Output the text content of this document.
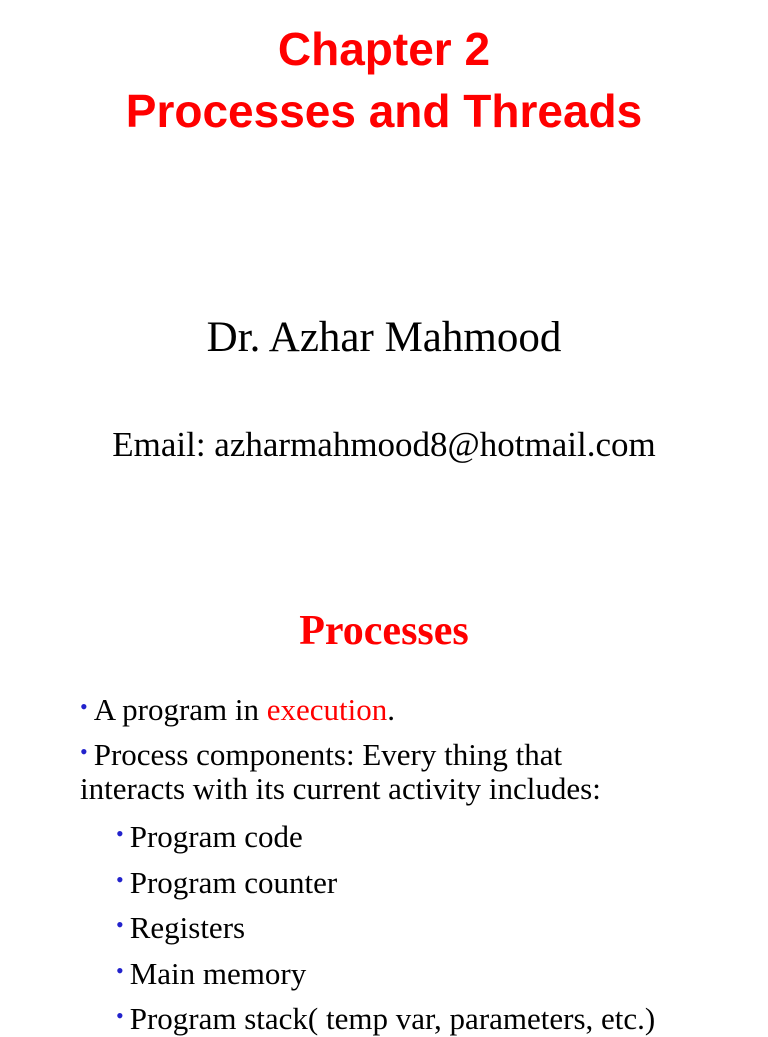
Chapter 2
Processes and Threads

Dr. Azhar Mahmood

Email: azharmahmood8@hotmail.com
Processes
• A program in execution.
• Process components: Every thing that
interacts with its current activity includes:
• Program code
• Program counter
• Registers
• Main memory
• Program stack( temp var, parameters, etc.)
